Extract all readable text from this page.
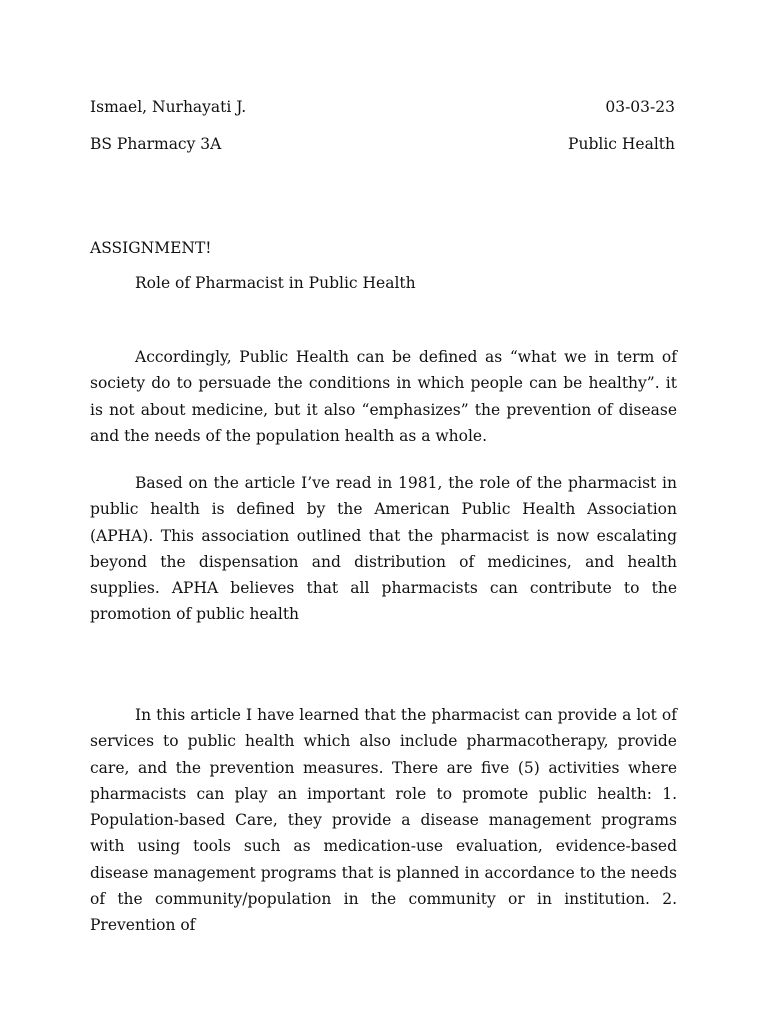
Ismael, Nurhayati J.	03-03-23
BS Pharmacy 3A	Public Health
ASSIGNMENT!
Role of Pharmacist in Public Health

Accordingly, Public Health can be defined as “what we in term of society do to persuade the conditions in which people can be healthy”. it is not about medicine, but it also “emphasizes” the prevention of disease and the needs of the population health as a whole.

Based on the article I’ve read in 1981, the role of the pharmacist in public health is defined by the American Public Health Association (APHA). This association outlined that the pharmacist is now escalating beyond the dispensation and distribution of medicines, and health supplies. APHA believes that all pharmacists can contribute to the promotion of public health

In this article I have learned that the pharmacist can provide a lot of services to public health which also include pharmacotherapy, provide care, and the prevention measures. There are five (5) activities where pharmacists can play an important role to promote public health: 1. Population-based Care, they provide a disease management programs with using tools such as medication-use evaluation, evidence-based disease management programs that is planned in accordance to the needs of the community/population in the community or in institution. 2. Prevention of
